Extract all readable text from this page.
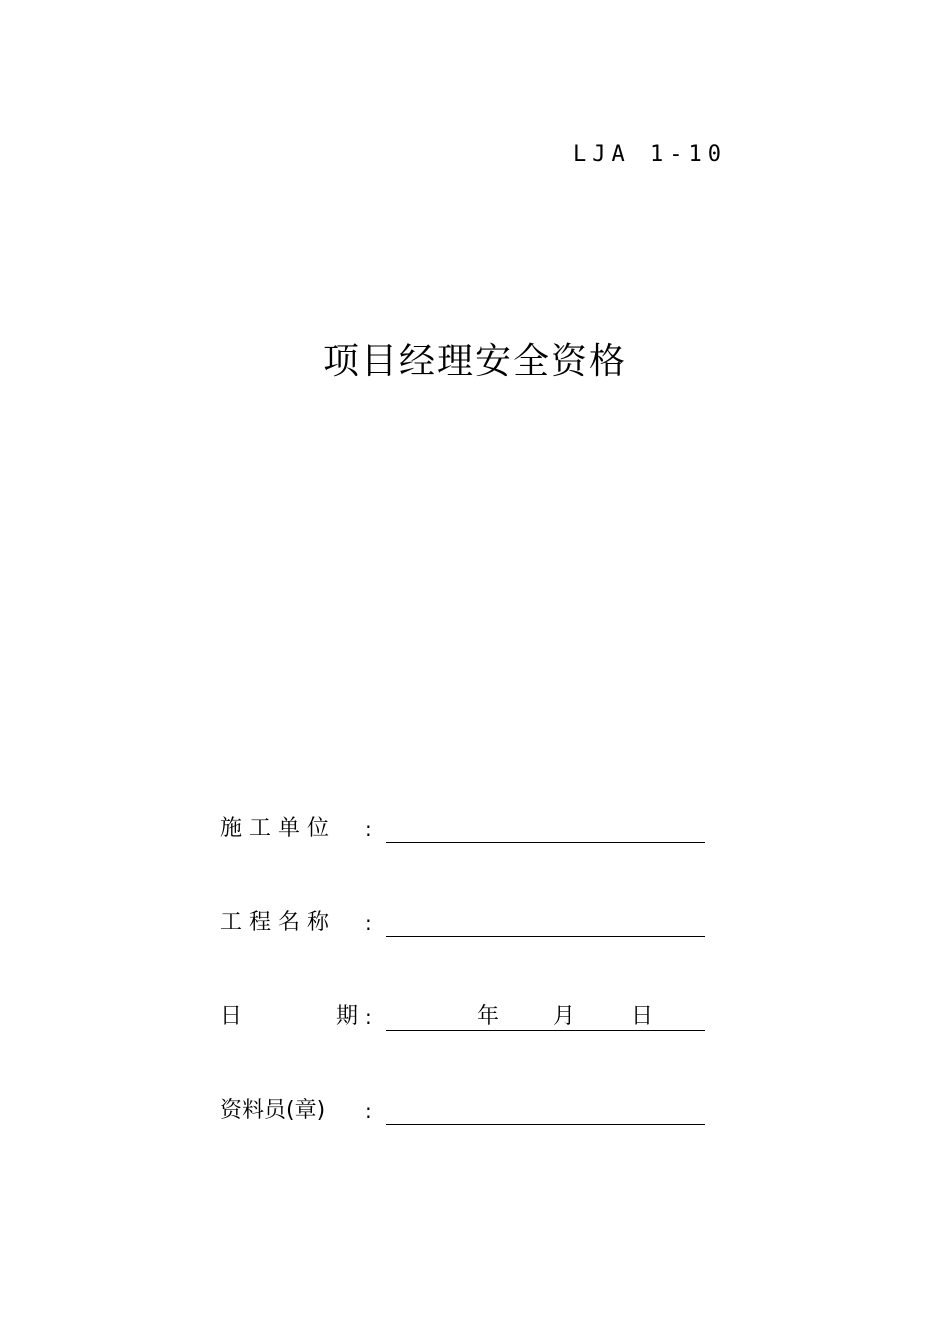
LJA 1-10
项目经理安全资格
施 工 单 位 :
工 程 名 称 :
日	期 :	年 月	日
资料员(章) :
